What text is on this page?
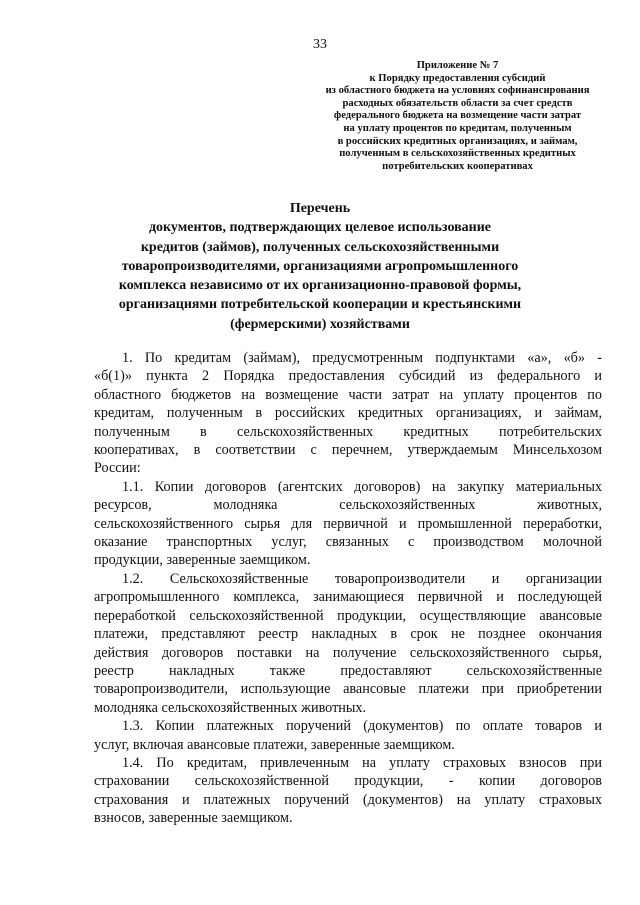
33
Приложение № 7
к Порядку предоставления субсидий
из областного бюджета на условиях софинансирования
расходных обязательств области за счет средств
федерального бюджета на возмещение части затрат
на уплату процентов по кредитам, полученным
в российских кредитных организациях, и займам,
полученным в сельскохозяйственных кредитных
потребительских кооперативах
Перечень
документов, подтверждающих целевое использование
кредитов (займов), полученных сельскохозяйственными
товаропроизводителями, организациями агропромышленного
комплекса независимо от их организационно-правовой формы,
организациями потребительской кооперации и крестьянскими
(фермерскими) хозяйствами
1. По кредитам (займам), предусмотренным подпунктами «а», «б» -
«б(1)» пункта 2 Порядка предоставления субсидий из федерального и
областного бюджетов на возмещение части затрат на уплату процентов по
кредитам, полученным в российских кредитных организациях, и займам,
полученным в сельскохозяйственных кредитных потребительских
кооперативах, в соответствии с перечнем, утверждаемым Минсельхозом
России:
1.1. Копии договоров (агентских договоров) на закупку материальных
ресурсов, молодняка сельскохозяйственных животных,
сельскохозяйственного сырья для первичной и промышленной переработки,
оказание транспортных услуг, связанных с производством молочной
продукции, заверенные заемщиком.
1.2. Сельскохозяйственные товаропроизводители и организации
агропромышленного комплекса, занимающиеся первичной и последующей
переработкой сельскохозяйственной продукции, осуществляющие авансовые
платежи, представляют реестр накладных в срок не позднее окончания
действия договоров поставки на получение сельскохозяйственного сырья,
реестр накладных также предоставляют сельскохозяйственные
товаропроизводители, использующие авансовые платежи при приобретении
молодняка сельскохозяйственных животных.
1.3. Копии платежных поручений (документов) по оплате товаров и
услуг, включая авансовые платежи, заверенные заемщиком.
1.4. По кредитам, привлеченным на уплату страховых взносов при
страховании сельскохозяйственной продукции, - копии договоров
страхования и платежных поручений (документов) на уплату страховых
взносов, заверенные заемщиком.
